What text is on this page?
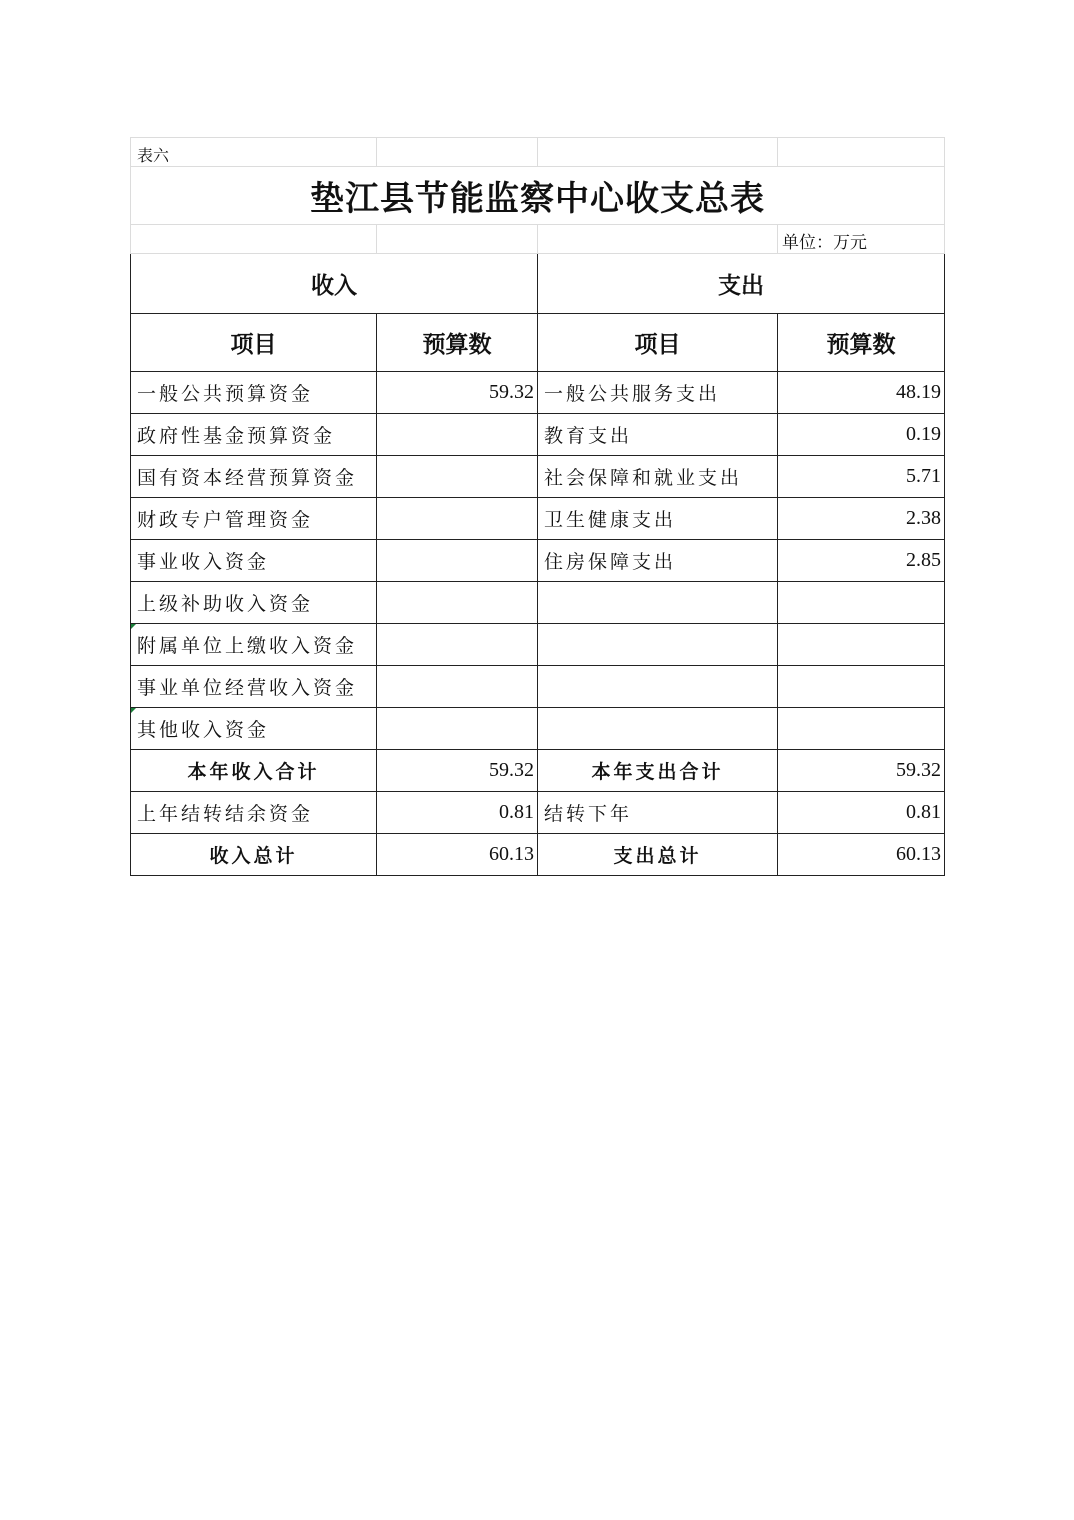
表六			
垫江县节能监察中心收支总表			
			单位：万元
收入		支出	
项目	预算数	项目	预算数
一般公共预算资金	59.32	一般公共服务支出	48.19
政府性基金预算资金		教育支出	0.19
国有资本经营预算资金		社会保障和就业支出	5.71
财政专户管理资金		卫生健康支出	2.38
事业收入资金		住房保障支出	2.85
上级补助收入资金			
附属单位上缴收入资金			
事业单位经营收入资金			
其他收入资金			
本年收入合计	59.32	本年支出合计	59.32
上年结转结余资金	0.81	结转下年	0.81
收入总计	60.13	支出总计	60.13
